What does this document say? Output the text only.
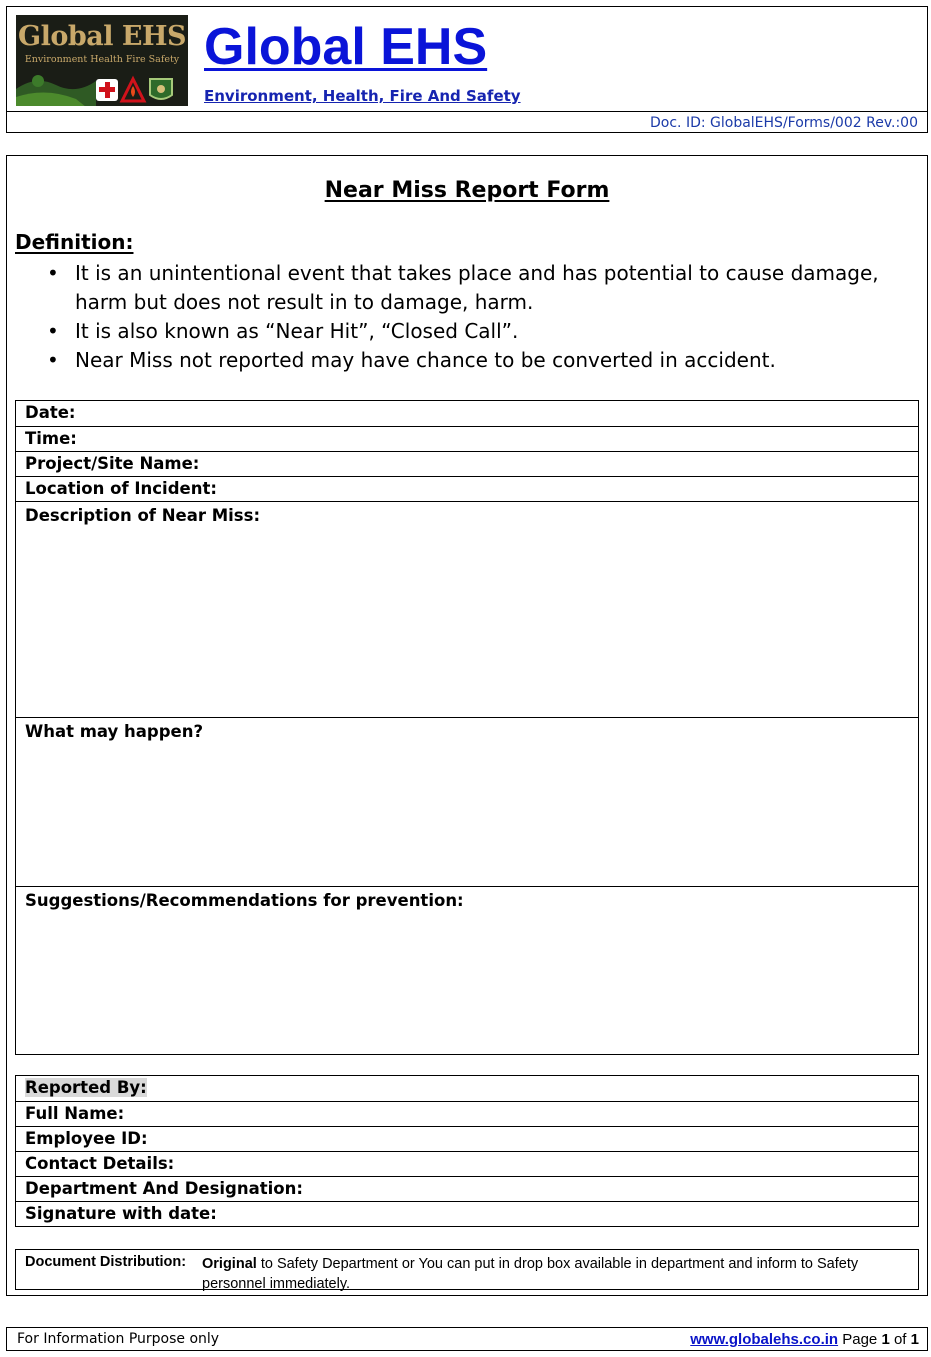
Global EHS
Environment Health Fire Safety Global EHS
Environment, Health, Fire And Safety
Doc. ID: GlobalEHS/Forms/002 Rev.:00
Near Miss Report Form
Definition:
• It is an unintentional event that takes place and has potential to cause damage, harm but does not result in to damage, harm.
• It is also known as “Near Hit”, “Closed Call”.
• Near Miss not reported may have chance to be converted in accident.
Date:
Time:
Project/Site Name:
Location of Incident:
Description of Near Miss:
What may happen?
Suggestions/Recommendations for prevention:
Reported By:
Full Name:
Employee ID:
Contact Details:
Department And Designation:
Signature with date:
Document Distribution: Original to Safety Department or You can put in drop box available in department and inform to Safety personnel immediately.
For Information Purpose only	www.globalehs.co.in Page 1 of 1
